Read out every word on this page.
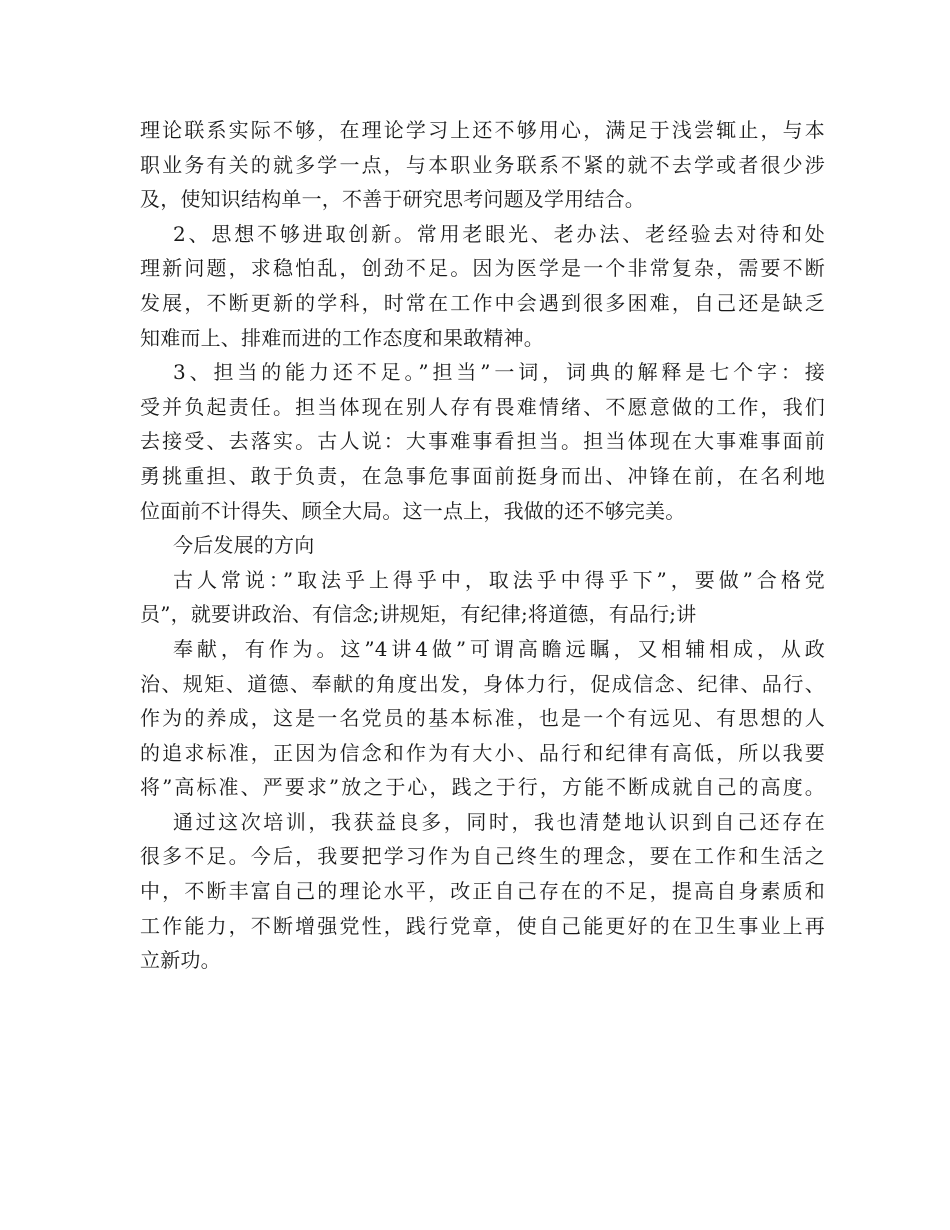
理论联系实际不够，在理论学习上还不够用心，满足于浅尝辄止，与本
职业务有关的就多学一点，与本职业务联系不紧的就不去学或者很少涉
及，使知识结构单一，不善于研究思考问题及学用结合。
2、思想不够进取创新。常用老眼光、老办法、老经验去对待和处
理新问题，求稳怕乱，创劲不足。因为医学是一个非常复杂，需要不断
发展，不断更新的学科，时常在工作中会遇到很多困难，自己还是缺乏
知难而上、排难而进的工作态度和果敢精神。
3、担当的能力还不足。”担当”一词，词典的解释是七个字：接
受并负起责任。担当体现在别人存有畏难情绪、不愿意做的工作，我们
去接受、去落实。古人说：大事难事看担当。担当体现在大事难事面前
勇挑重担、敢于负责，在急事危事面前挺身而出、冲锋在前，在名利地
位面前不计得失、顾全大局。这一点上，我做的还不够完美。
今后发展的方向
古人常说：”取法乎上得乎中，取法乎中得乎下”，要做”合格党
员”，就要讲政治、有信念;讲规矩，有纪律;将道德，有品行;讲
奉献，有作为。这”4讲4做”可谓高瞻远瞩，又相辅相成，从政
治、规矩、道德、奉献的角度出发，身体力行，促成信念、纪律、品行、
作为的养成，这是一名党员的基本标准，也是一个有远见、有思想的人
的追求标准，正因为信念和作为有大小、品行和纪律有高低，所以我要
将”高标准、严要求”放之于心，践之于行，方能不断成就自己的高度。
通过这次培训，我获益良多，同时，我也清楚地认识到自己还存在
很多不足。今后，我要把学习作为自己终生的理念，要在工作和生活之
中，不断丰富自己的理论水平，改正自己存在的不足，提高自身素质和
工作能力，不断增强党性，践行党章，使自己能更好的在卫生事业上再
立新功。
